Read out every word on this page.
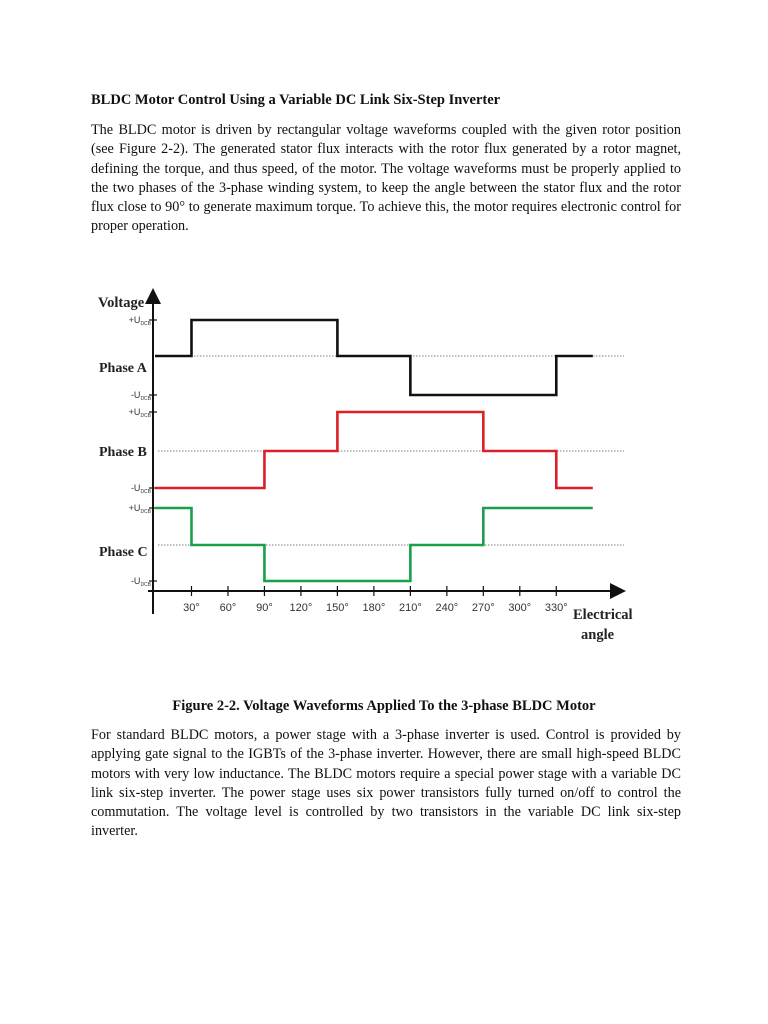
BLDC Motor Control Using a Variable DC Link Six-Step Inverter

The BLDC motor is driven by rectangular voltage waveforms coupled with the given rotor position (see Figure 2-2). The generated stator flux interacts with the rotor flux generated by a rotor magnet, defining the torque, and thus speed, of the motor. The voltage waveforms must be properly applied to the two phases of the 3-phase winding system, to keep the angle between the stator flux and the rotor flux close to 90° to generate maximum torque. To achieve this, the motor requires electronic control for proper operation.

$+U_{DCB}$
$-U_{DCB}$
$+U_{DCB}$
$-U_{DCB}$
$+U_{DCB}$
$-U_{DCB}$
Phase A
Phase B
Phase C
30° 60° 90° 120° 150° 180° 210° 240° 270° 300° 330°
Voltage
Electrical
angle
Figure 2-2. Voltage Waveforms Applied To the 3-phase BLDC Motor

For standard BLDC motors, a power stage with a 3-phase inverter is used. Control is provided by applying gate signal to the IGBTs of the 3-phase inverter. However, there are small high-speed BLDC motors with very low inductance. The BLDC motors require a special power stage with a variable DC link six-step inverter. The power stage uses six power transistors fully turned on/off to control the commutation. The voltage level is controlled by two transistors in the variable DC link six-step inverter.
